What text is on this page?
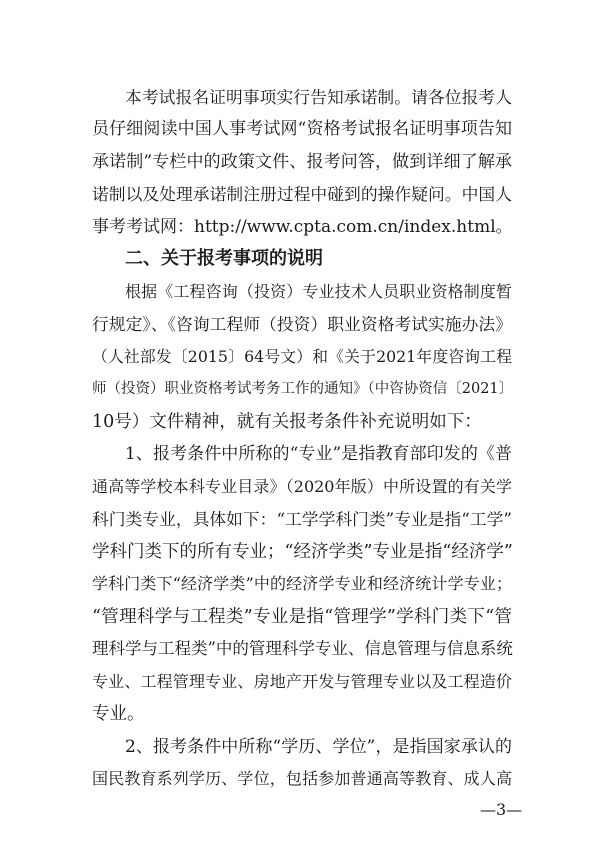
本考试报名证明事项实行告知承诺制。请各位报考人
员仔细阅读中国人事考试网“资格考试报名证明事项告知
承诺制”专栏中的政策文件、报考问答，做到详细了解承
诺制以及处理承诺制注册过程中碰到的操作疑问。中国人
事考考试网：http://www.cpta.com.cn/index.html。
二、关于报考事项的说明
根据《工程咨询（投资）专业技术人员职业资格制度暂
行规定》、《咨询工程师（投资）职业资格考试实施办法》
（人社部发〔2015〕64号文）和《关于2021年度咨询工程
师（投资）职业资格考试考务工作的通知》（中咨协资信〔2021〕
10号）文件精神，就有关报考条件补充说明如下：
1、报考条件中所称的“专业”是指教育部印发的《普
通高等学校本科专业目录》（2020年版）中所设置的有关学
科门类专业，具体如下：“工学学科门类”专业是指“工学”
学科门类下的所有专业；“经济学类”专业是指“经济学”
学科门类下“经济学类”中的经济学专业和经济统计学专业；
“管理科学与工程类”专业是指“管理学”学科门类下“管
理科学与工程类”中的管理科学专业、信息管理与信息系统
专业、工程管理专业、房地产开发与管理专业以及工程造价
专业。
2、报考条件中所称“学历、学位”，是指国家承认的
国民教育系列学历、学位，包括参加普通高等教育、成人高
—3—
